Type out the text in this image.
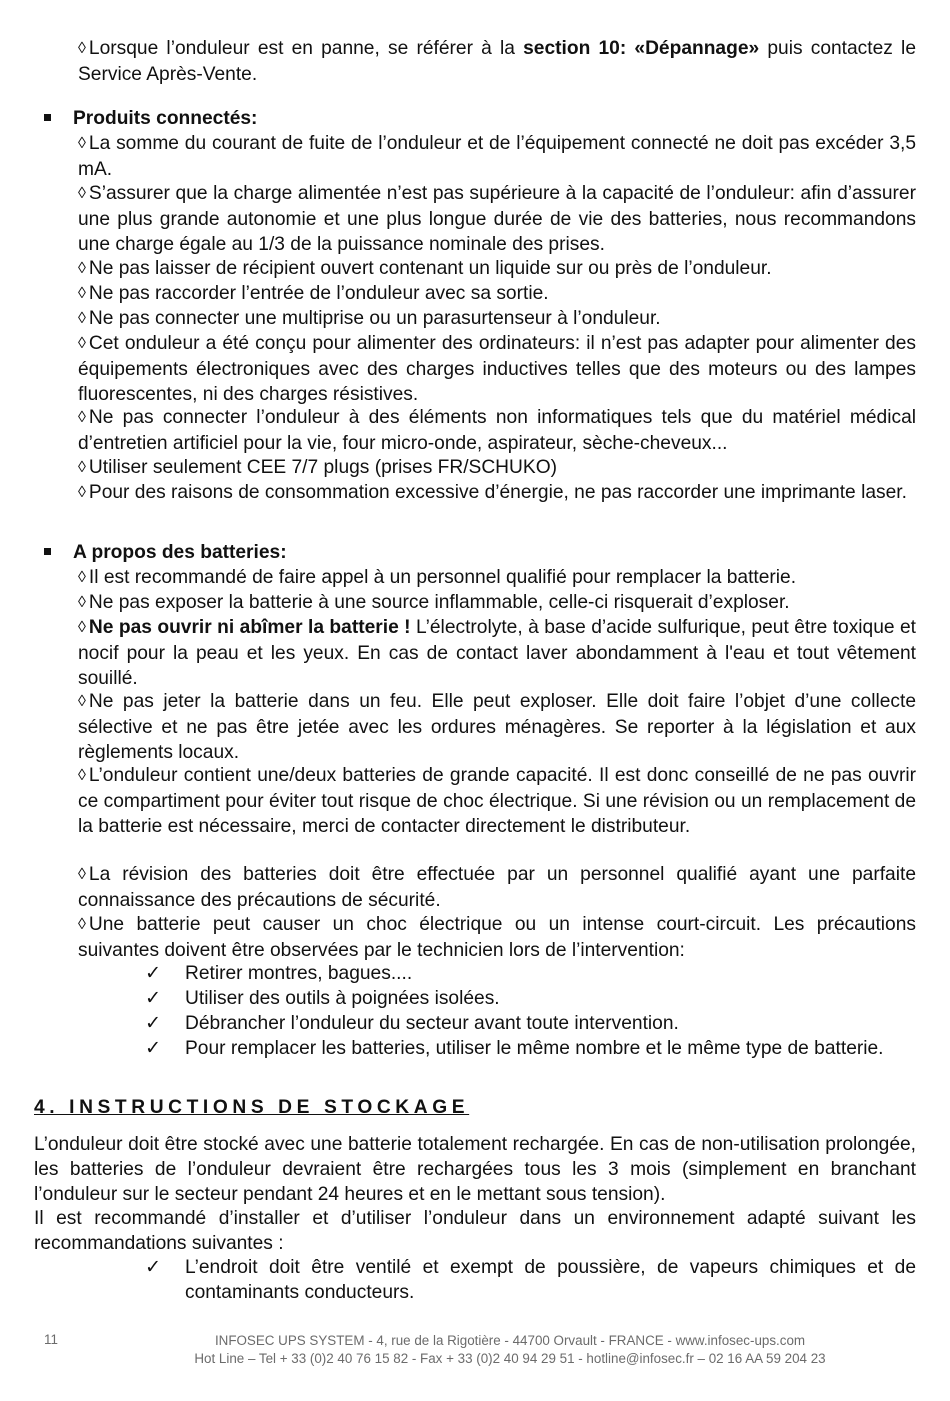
◊ Lorsque l’onduleur est en panne, se référer à la section 10: «Dépannage» puis contactez le Service Après-Vente.

Produits connectés:

◊ La somme du courant de fuite de l’onduleur et de l’équipement connecté ne doit pas excéder 3,5 mA.

◊ S’assurer que la charge alimentée n’est pas supérieure à la capacité de l’onduleur: afin d’assurer une plus grande autonomie et une plus longue durée de vie des batteries, nous recommandons une charge égale au 1/3 de la puissance nominale des prises.

◊ Ne pas laisser de récipient ouvert contenant un liquide sur ou près de l’onduleur.

◊ Ne pas raccorder l’entrée de l’onduleur avec sa sortie.

◊ Ne pas connecter une multiprise ou un parasurtenseur à l’onduleur.

◊ Cet onduleur a été conçu pour alimenter des ordinateurs: il n’est pas adapter pour alimenter des équipements électroniques avec des charges inductives telles que des moteurs ou des lampes fluorescentes, ni des charges résistives.

◊ Ne pas connecter l’onduleur à des éléments non informatiques tels que du matériel médical d’entretien artificiel pour la vie, four micro-onde, aspirateur, sèche-cheveux...

◊ Utiliser seulement CEE 7/7 plugs (prises FR/SCHUKO)

◊ Pour des raisons de consommation excessive d’énergie, ne pas raccorder une imprimante laser.

A propos des batteries:

◊ Il est recommandé de faire appel à un personnel qualifié pour remplacer la batterie.

◊ Ne pas exposer la batterie à une source inflammable, celle-ci risquerait d’exploser.

◊ Ne pas ouvrir ni abîmer la batterie ! L’électrolyte, à base d’acide sulfurique, peut être toxique et nocif pour la peau et les yeux. En cas de contact laver abondamment à l'eau et tout vêtement souillé.

◊ Ne pas jeter la batterie dans un feu. Elle peut exploser. Elle doit faire l’objet d’une collecte sélective et ne pas être jetée avec les ordures ménagères. Se reporter à la législation et aux règlements locaux.

◊ L’onduleur contient une/deux batteries de grande capacité. Il est donc conseillé de ne pas ouvrir ce compartiment pour éviter tout risque de choc électrique. Si une révision ou un remplacement de la batterie est nécessaire, merci de contacter directement le distributeur.

◊ La révision des batteries doit être effectuée par un personnel qualifié ayant une parfaite connaissance des précautions de sécurité.

◊ Une batterie peut causer un choc électrique ou un intense court-circuit. Les précautions suivantes doivent être observées par le technicien lors de l’intervention:

✓ Retirer montres, bagues....
✓ Utiliser des outils à poignées isolées.
✓ Débrancher l’onduleur du secteur avant toute intervention.
✓ Pour remplacer les batteries, utiliser le même nombre et le même type de batterie.
4. INSTRUCTIONS DE STOCKAGE

L’onduleur doit être stocké avec une batterie totalement rechargée. En cas de non-utilisation prolongée, les batteries de l’onduleur devraient être rechargées tous les 3 mois (simplement en branchant l’onduleur sur le secteur pendant 24 heures et en le mettant sous tension).

Il est recommandé d’installer et d’utiliser l’onduleur dans un environnement adapté suivant les recommandations suivantes :

✓ L’endroit doit être ventilé et exempt de poussière, de vapeurs chimiques et de contaminants conducteurs.
11	INFOSEC UPS SYSTEM - 4, rue de la Rigotière - 44700 Orvault - FRANCE - www.infosec-ups.com
Hot Line – Tel + 33 (0)2 40 76 15 82 - Fax + 33 (0)2 40 94 29 51 - hotline@infosec.fr – 02 16 AA 59 204 23
